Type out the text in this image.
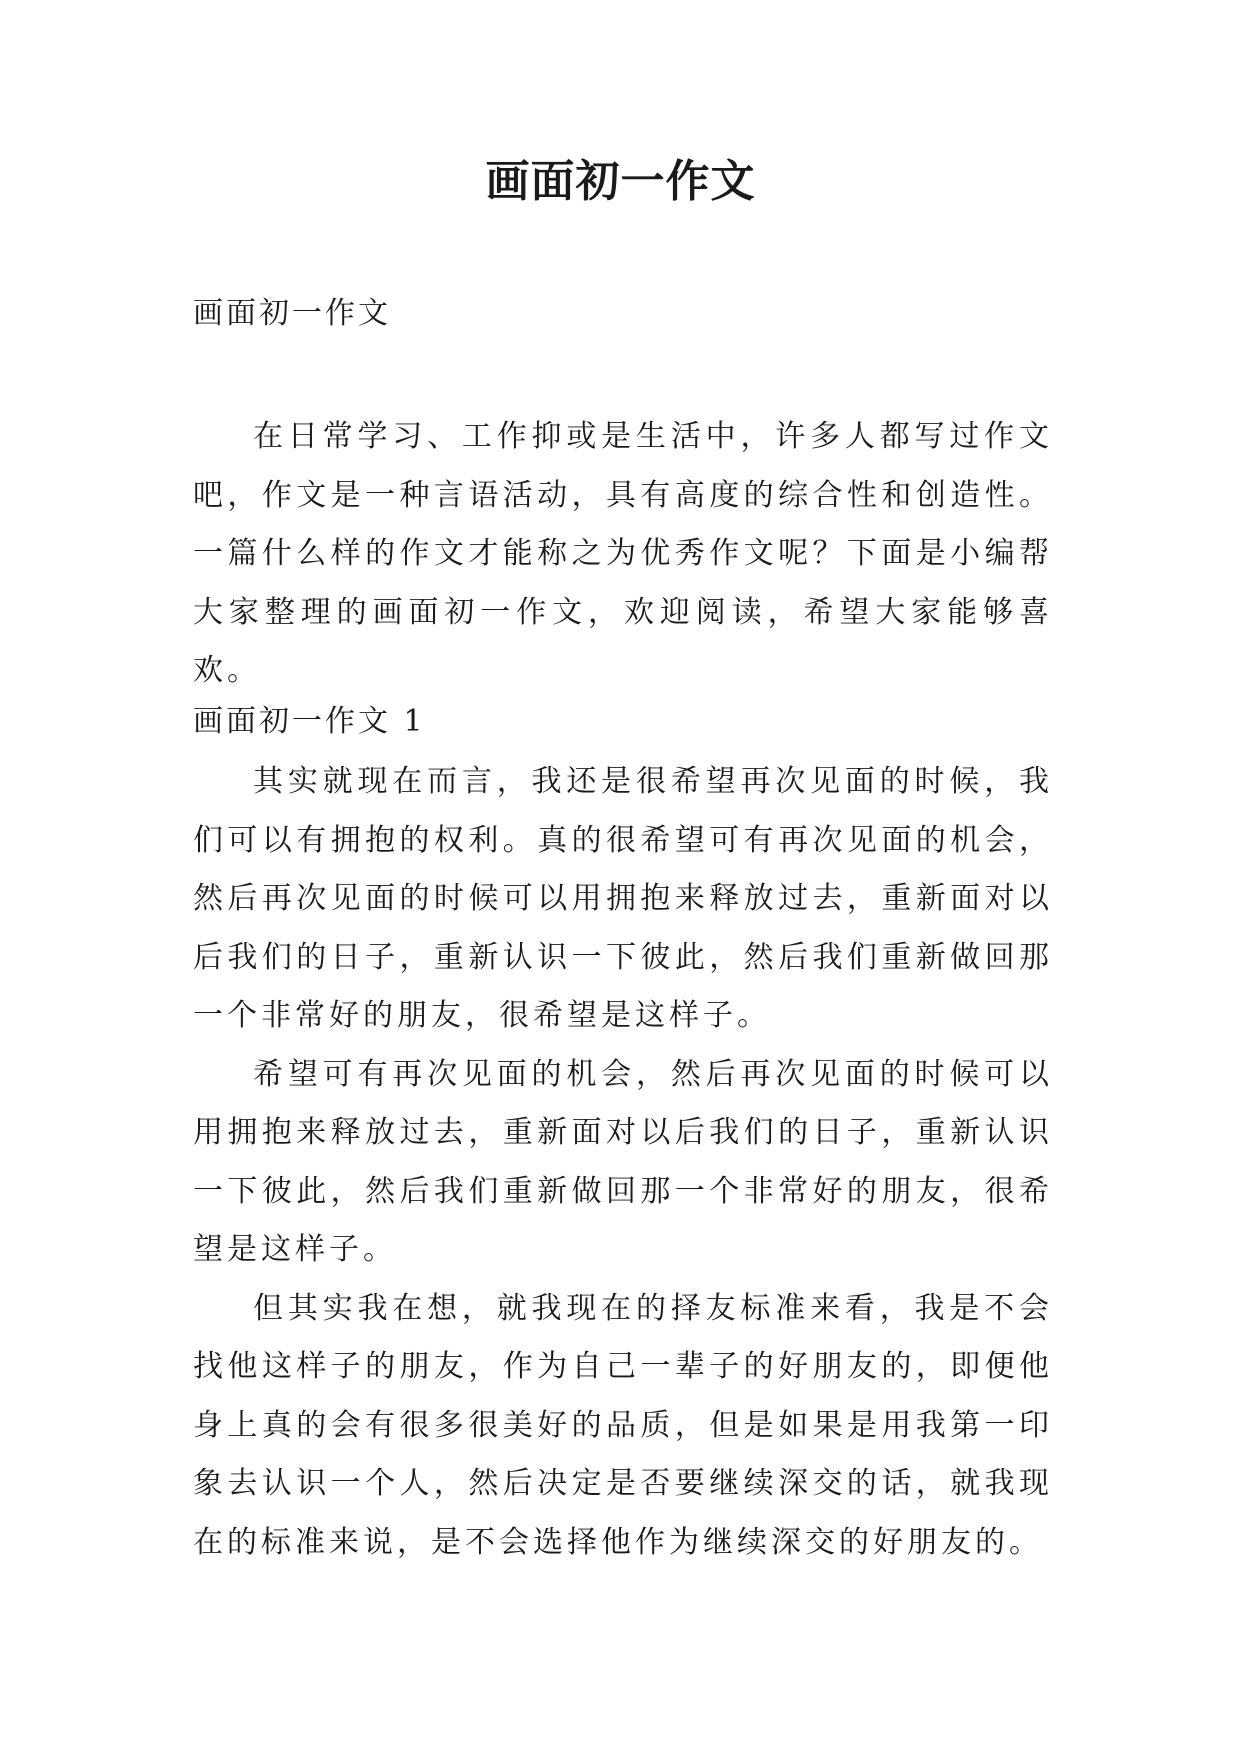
画面初一作文
画面初一作文

在日常学习、工作抑或是生活中，许多人都写过作文吧，作文是一种言语活动，具有高度的综合性和创造性。一篇什么样的作文才能称之为优秀作文呢？下面是小编帮大家整理的画面初一作文，欢迎阅读，希望大家能够喜欢。

画面初一作文 1

其实就现在而言，我还是很希望再次见面的时候，我们可以有拥抱的权利。真的很希望可有再次见面的机会，然后再次见面的时候可以用拥抱来释放过去，重新面对以后我们的日子，重新认识一下彼此，然后我们重新做回那一个非常好的朋友，很希望是这样子。

希望可有再次见面的机会，然后再次见面的时候可以用拥抱来释放过去，重新面对以后我们的日子，重新认识一下彼此，然后我们重新做回那一个非常好的朋友，很希望是这样子。

但其实我在想，就我现在的择友标准来看，我是不会找他这样子的朋友，作为自己一辈子的好朋友的，即便他身上真的会有很多很美好的品质，但是如果是用我第一印象去认识一个人，然后决定是否要继续深交的话，就我现在的标准来说，是不会选择他作为继续深交的好朋友的。
